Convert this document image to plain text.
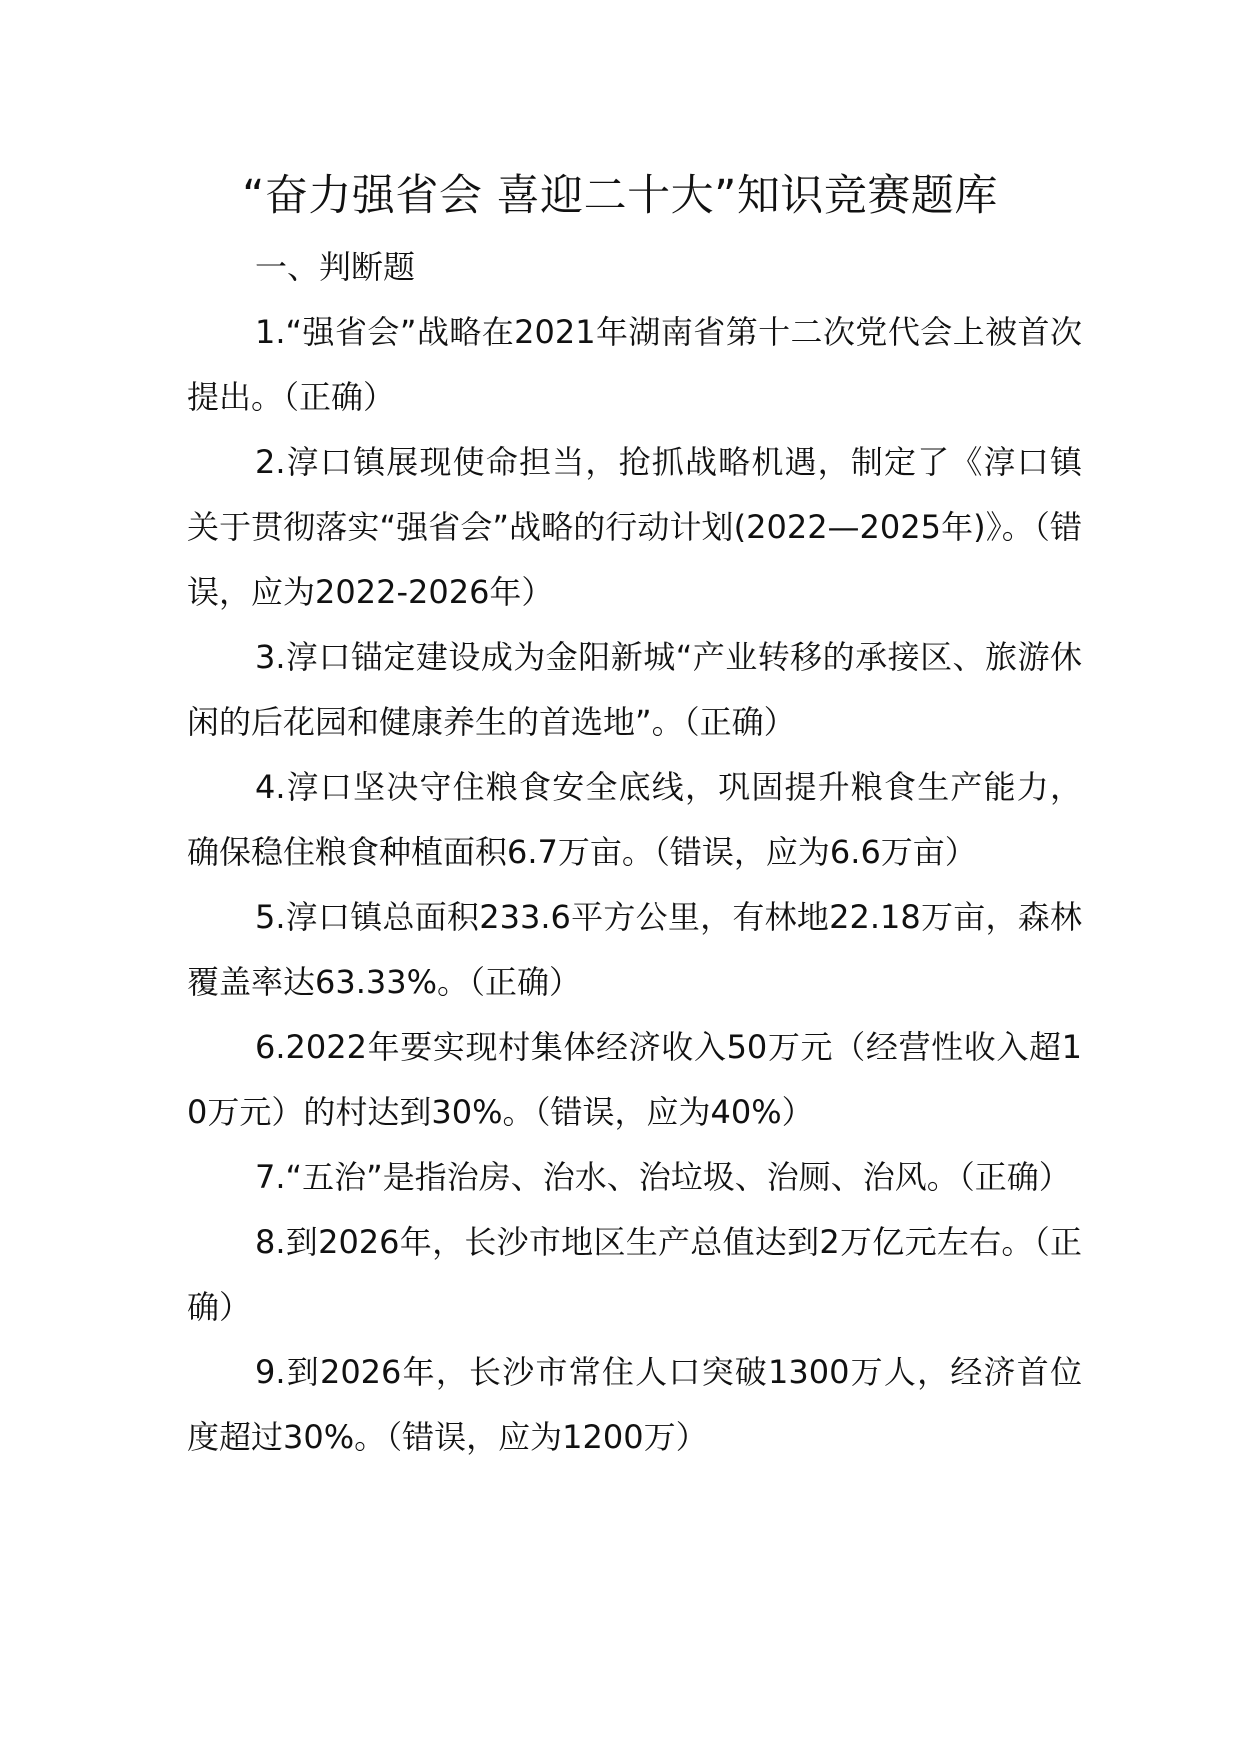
“奋力强省会 喜迎二十大”知识竞赛题库

一、判断题

1.“强省会”战略在2021年湖南省第十二次党代会上被首次提出。（正确）

2.淳口镇展现使命担当，抢抓战略机遇，制定了《淳口镇关于贯彻落实“强省会”战略的行动计划(2022—2025年)》。（错误，应为2022-2026年）

3.淳口锚定建设成为金阳新城“产业转移的承接区、旅游休闲的后花园和健康养生的首选地”。（正确）

4.淳口坚决守住粮食安全底线，巩固提升粮食生产能力，确保稳住粮食种植面积6.7万亩。（错误，应为6.6万亩）

5.淳口镇总面积233.6平方公里，有林地22.18万亩，森林覆盖率达63.33%。（正确）

6.2022年要实现村集体经济收入50万元（经营性收入超10万元）的村达到30%。（错误，应为40%）

7.“五治”是指治房、治水、治垃圾、治厕、治风。（正确）

8.到2026年，长沙市地区生产总值达到2万亿元左右。（正确）

9.到2026年，长沙市常住人口突破1300万人，经济首位度超过30%。（错误，应为1200万）
